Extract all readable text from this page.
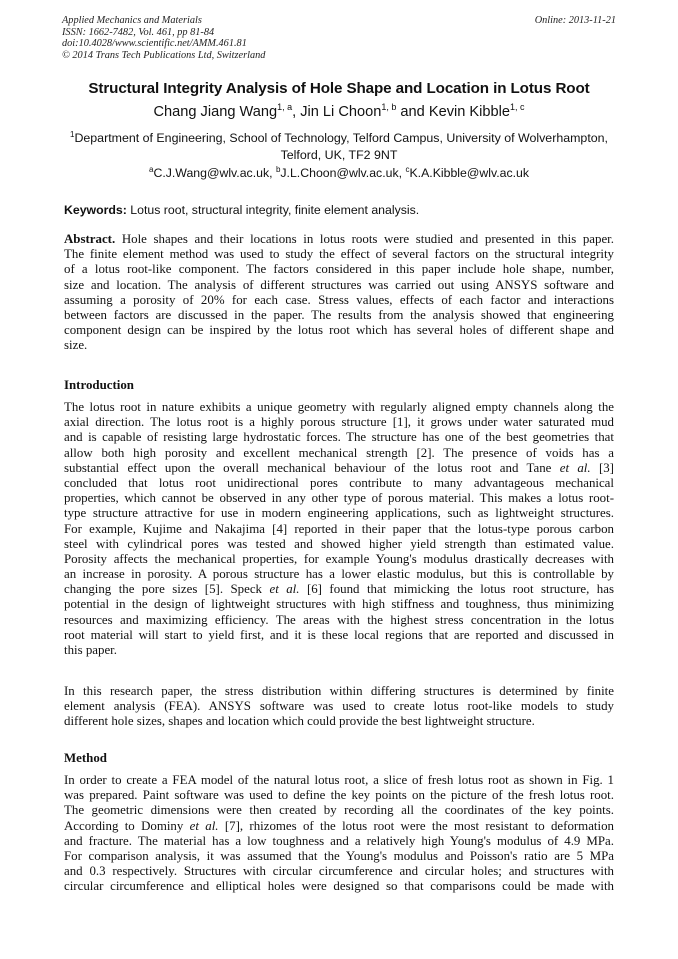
Applied Mechanics and Materials	Online: 2013-11-21
ISSN: 1662-7482, Vol. 461, pp 81-84
doi:10.4028/www.scientific.net/AMM.461.81
© 2014 Trans Tech Publications Ltd, Switzerland
Structural Integrity Analysis of Hole Shape and Location in Lotus Root
Chang Jiang Wang$^{1, a}$, Jin Li Choon$^{1, b}$ and Kevin Kibble$^{1, c}$
$^1$Department of Engineering, School of Technology, Telford Campus, University of Wolverhampton,
Telford, UK, TF2 9NT
$^a$C.J.Wang@wlv.ac.uk, $^b$J.L.Choon@wlv.ac.uk, $^c$K.A.Kibble@wlv.ac.uk
Keywords: Lotus root, structural integrity, finite element analysis.
Abstract. Hole shapes and their locations in lotus roots were studied and presented in this paper.
The finite element method was used to study the effect of several factors on the structural integrity
of a lotus root-like component. The factors considered in this paper include hole shape, number,
size and location. The analysis of different structures was carried out using ANSYS software and
assuming a porosity of 20% for each case. Stress values, effects of each factor and interactions
between factors are discussed in the paper. The results from the analysis showed that engineering
component design can be inspired by the lotus root which has several holes of different shape and
size.
Introduction
The lotus root in nature exhibits a unique geometry with regularly aligned empty channels along the
axial direction. The lotus root is a highly porous structure [1], it grows under water saturated mud
and is capable of resisting large hydrostatic forces. The structure has one of the best geometries that
allow both high porosity and excellent mechanical strength [2]. The presence of voids has a
substantial effect upon the overall mechanical behaviour of the lotus root and Tane et al. [3]
concluded that lotus root unidirectional pores contribute to many advantageous mechanical
properties, which cannot be observed in any other type of porous material. This makes a lotus root-
type structure attractive for use in modern engineering applications, such as lightweight structures.
For example, Kujime and Nakajima [4] reported in their paper that the lotus-type porous carbon
steel with cylindrical pores was tested and showed higher yield strength than estimated value.
Porosity affects the mechanical properties, for example Young's modulus drastically decreases with
an increase in porosity. A porous structure has a lower elastic modulus, but this is controllable by
changing the pore sizes [5]. Speck et al. [6] found that mimicking the lotus root structure, has
potential in the design of lightweight structures with high stiffness and toughness, thus minimizing
resources and maximizing efficiency. The areas with the highest stress concentration in the lotus
root material will start to yield first, and it is these local regions that are reported and discussed in
this paper.
In this research paper, the stress distribution within differing structures is determined by finite
element analysis (FEA). ANSYS software was used to create lotus root-like models to study
different hole sizes, shapes and location which could provide the best lightweight structure.
Method
In order to create a FEA model of the natural lotus root, a slice of fresh lotus root as shown in Fig. 1
was prepared. Paint software was used to define the key points on the picture of the fresh lotus root.
The geometric dimensions were then created by recording all the coordinates of the key points.
According to Dominy et al. [7], rhizomes of the lotus root were the most resistant to deformation
and fracture. The material has a low toughness and a relatively high Young's modulus of 4.9 MPa.
For comparison analysis, it was assumed that the Young's modulus and Poisson's ratio are 5 MPa
and 0.3 respectively. Structures with circular circumference and circular holes; and structures with
circular circumference and elliptical holes were designed so that comparisons could be made with
